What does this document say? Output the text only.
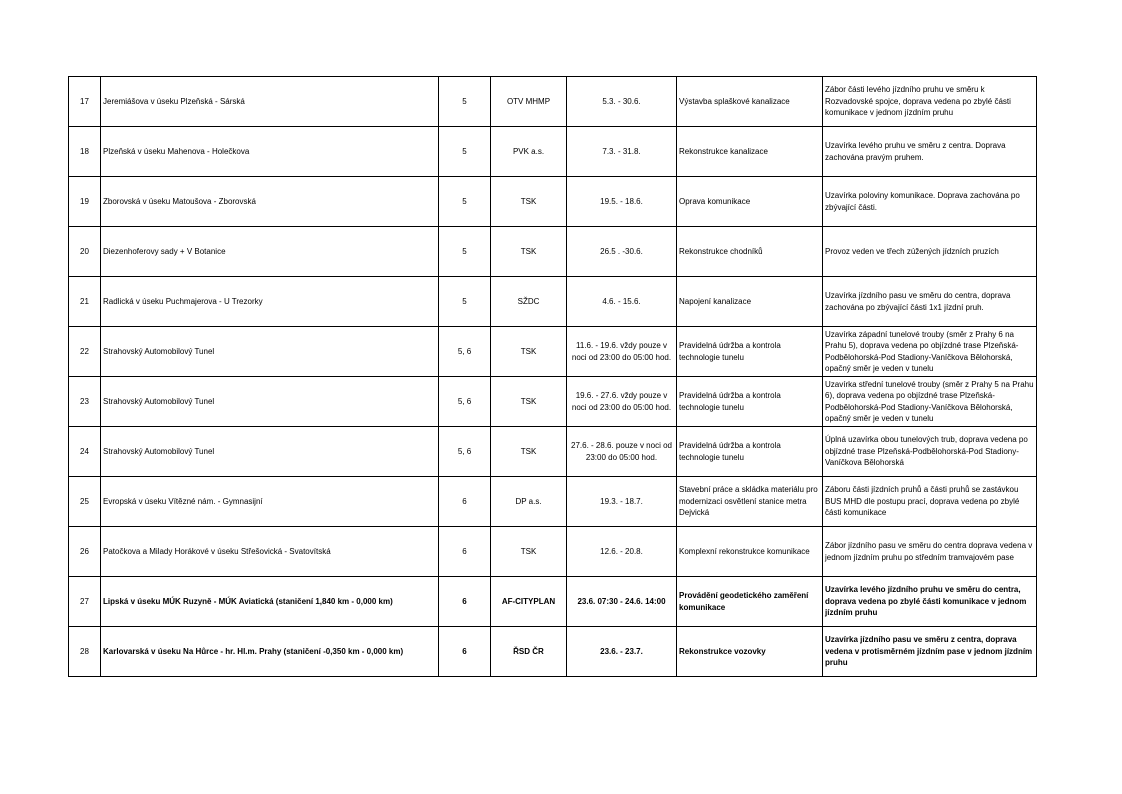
17	Jeremiášova v úseku Plzeňská - Sárská	5	OTV MHMP	5.3. - 30.6.	Výstavba splaškové kanalizace	Zábor části levého jízdního pruhu ve směru k Rozvadovské spojce, doprava vedena po zbylé části komunikace v jednom jízdním pruhu
18	Plzeňská v úseku Mahenova - Holečkova	5	PVK a.s.	7.3. - 31.8.	Rekonstrukce kanalizace	Uzavírka levého pruhu ve směru z centra. Doprava zachována pravým pruhem.
19	Zborovská v úseku Matoušova - Zborovská	5	TSK	19.5. - 18.6.	Oprava komunikace	Uzavírka poloviny komunikace. Doprava zachována po zbývající části.
20	Diezenhoferovy sady + V Botanice	5	TSK	26.5 . -30.6.	Rekonstrukce chodníků	Provoz veden ve třech zúžených jídzních pruzích
21	Radlická v úseku Puchmajerova - U Trezorky	5	SŽDC	4.6. - 15.6.	Napojení kanalizace	Uzavírka jízdního pasu ve směru do centra, doprava zachována po zbývající části 1x1 jízdní pruh.
22	Strahovský Automobilový Tunel	5, 6	TSK	11.6. - 19.6. vždy pouze v noci od 23:00 do 05:00 hod.	Pravidelná údržba a kontrola technologie tunelu	Uzavírka západní tunelové trouby (směr z Prahy 6 na Prahu 5), doprava vedena po objízdné trase Plzeňská-Podbělohorská-Pod Stadiony-Vaníčkova Bělohorská, opačný směr je veden v tunelu
23	Strahovský Automobilový Tunel	5, 6	TSK	19.6. - 27.6. vždy pouze v noci od 23:00 do 05:00 hod.	Pravidelná údržba a kontrola technologie tunelu	Uzavírka střední tunelové trouby (směr z Prahy 5 na Prahu 6), doprava vedena po objízdné trase Plzeňská-Podbělohorská-Pod Stadiony-Vaníčkova Bělohorská, opačný směr je veden v tunelu
24	Strahovský Automobilový Tunel	5, 6	TSK	27.6. - 28.6. pouze v noci od 23:00 do 05:00 hod.	Pravidelná údržba a kontrola technologie tunelu	Úplná uzavírka obou tunelových trub, doprava vedena po objízdné trase Plzeňská-Podbělohorská-Pod Stadiony-Vaníčkova Bělohorská
25	Evropská v úseku Vítězné nám. - Gymnasijní	6	DP a.s.	19.3. - 18.7.	Stavební práce a skládka materiálu pro modernizaci osvětlení stanice metra Dejvická	Záboru části jízdních pruhů a části pruhů se zastávkou BUS MHD dle postupu prací, doprava vedena po zbylé části komunikace
26	Patočkova a Milady Horákové v úseku Střešovická - Svatovítská	6	TSK	12.6. - 20.8.	Komplexní rekonstrukce komunikace	Zábor jízdního pasu ve směru do centra doprava vedena v jednom jízdním pruhu po středním tramvajovém pase
27	Lipská v úseku MÚK Ruzyně - MÚK Aviatická (staničení 1,840 km - 0,000 km)	6	AF-CITYPLAN	23.6. 07:30 - 24.6. 14:00	Provádění geodetického zaměření komunikace	Uzavírka levého jízdního pruhu ve směru do centra, doprava vedena po zbylé části komunikace v jednom jízdním pruhu
28	Karlovarská v úseku Na Hůrce - hr. Hl.m. Prahy (staničení -0,350 km - 0,000 km)	6	ŘSD ČR	23.6. - 23.7.	Rekonstrukce vozovky	Uzavírka jízdního pasu ve směru z centra, doprava vedena v protisměrném jízdním pase v jednom jízdním pruhu
